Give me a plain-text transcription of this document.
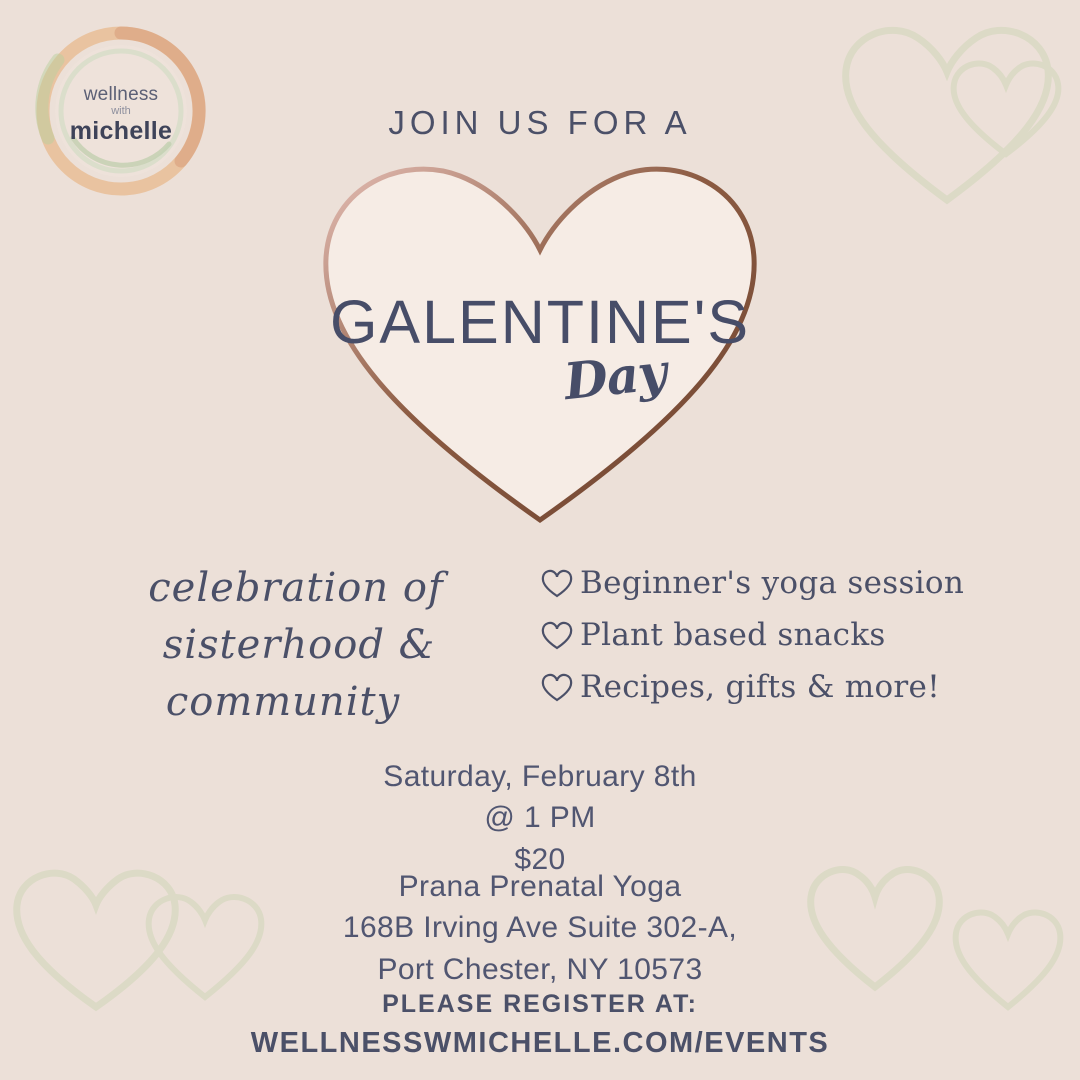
wellness
with
michelle	JOIN US FOR A
GALENTINE'S
Day
celebration of
sisterhood &
community
Beginner's yoga session
Plant based snacks
Recipes, gifts & more!
Saturday, February 8th
@ 1 PM
$20
Prana Prenatal Yoga
168B Irving Ave Suite 302-A,
Port Chester, NY 10573
PLEASE REGISTER AT:
WELLNESSWMICHELLE.COM/EVENTS
